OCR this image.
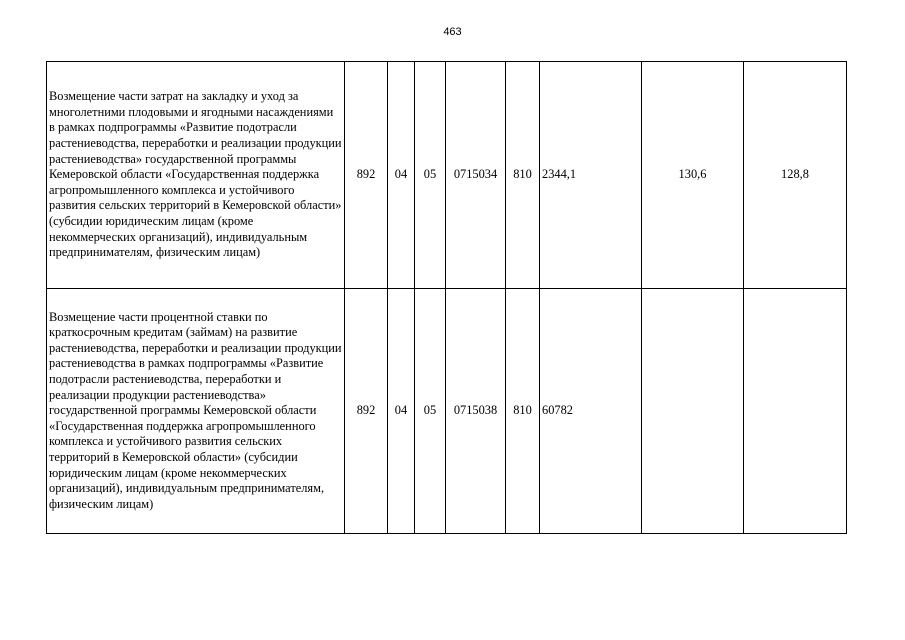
463
Возмещение части затрат на закладку и уход за многолетними плодовыми и ягодными насаждениями в рамках подпрограммы «Развитие подотрасли растениеводства, переработки и реализации продукции растениеводства» государственной программы Кемеровской области «Государственная поддержка агропромышленного комплекса и устойчивого развития сельских территорий в Кемеровской области» (субсидии юридическим лицам (кроме некоммерческих организаций), индивидуальным предпринимателям, физическим лицам)	892	04	05	0715034	810	2344,1	130,6	128,8
Возмещение части процентной ставки по краткосрочным кредитам (займам) на развитие растениеводства, переработки и реализации продукции растениеводства в рамках подпрограммы «Развитие подотрасли растениеводства, переработки и реализации продукции растениеводства» государственной программы Кемеровской области «Государственная поддержка агропромышленного комплекса и устойчивого развития сельских территорий в Кемеровской области» (субсидии юридическим лицам (кроме некоммерческих организаций), индивидуальным предпринимателям, физическим лицам)	892	04	05	0715038	810	60782		
